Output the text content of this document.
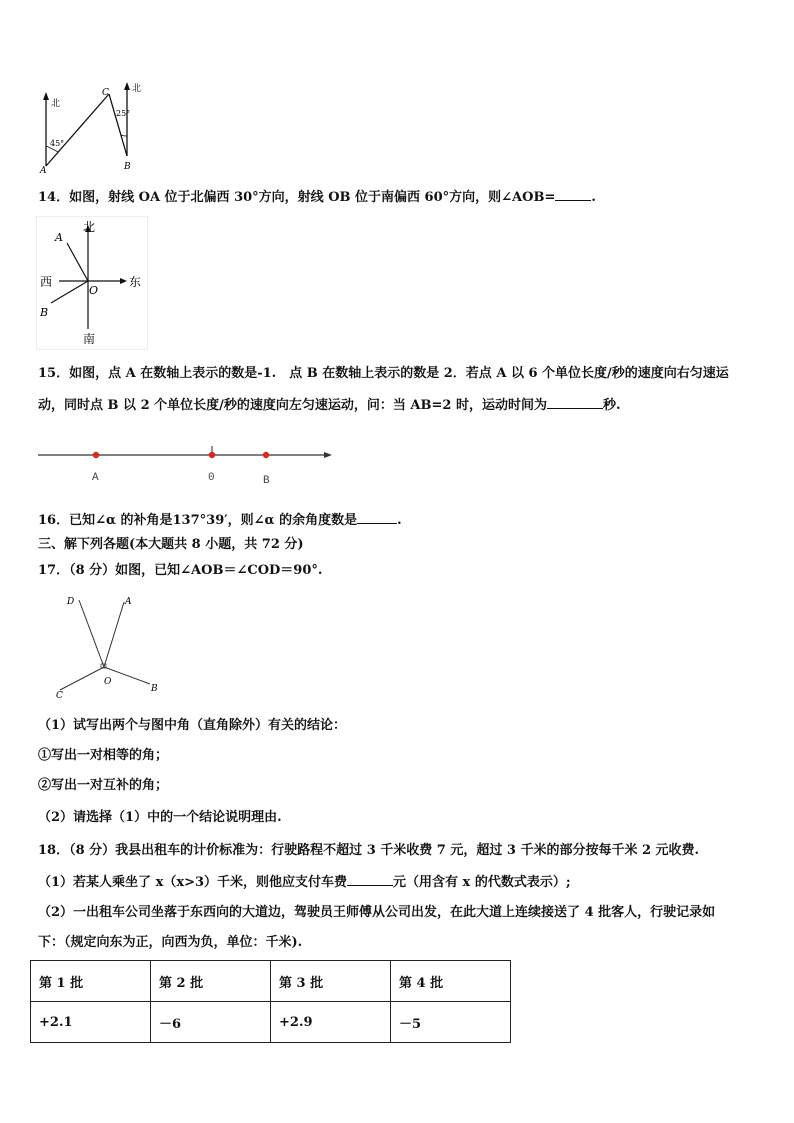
北
北
45°
25°
C
A	B
14．如图，射线 OA 位于北偏西 30°方向，射线 OB 位于南偏西 60°方向，则∠AOB=	.
北
南
东
西
A
B
O
15．如图，点 A 在数轴上表示的数是-1.　点 B 在数轴上表示的数是 2．若点 A 以 6 个单位长度/秒的速度向右匀速运
动，同时点 B 以 2 个单位长度/秒的速度向左匀速运动，问：当 AB=2 时，运动时间为	秒.
A	0	B
16．已知∠α 的补角是137°39′，则∠α 的余角度数是	.
三、解下列各题(本大题共 8 小题，共 72 分)
17．（8 分）如图，已知∠AOB＝∠COD＝90°.
D	A
O
C
B
（1）试写出两个与图中角（直角除外）有关的结论：
①写出一对相等的角；
②写出一对互补的角；
（2）请选择（1）中的一个结论说明理由.
18．（8 分）我县出租车的计价标准为：行驶路程不超过 3 千米收费 7 元，超过 3 千米的部分按每千米 2 元收费.
（1）若某人乘坐了 x（x>3）千米，则他应支付车费	元（用含有 x 的代数式表示）;
（2）一出租车公司坐落于东西向的大道边，驾驶员王师傅从公司出发，在此大道上连续接送了 4 批客人，行驶记录如
下：（规定向东为正，向西为负，单位：千米).
第 1 批	第 2 批	第 3 批	第 4 批
+2.1	－6	+2.9	－5
